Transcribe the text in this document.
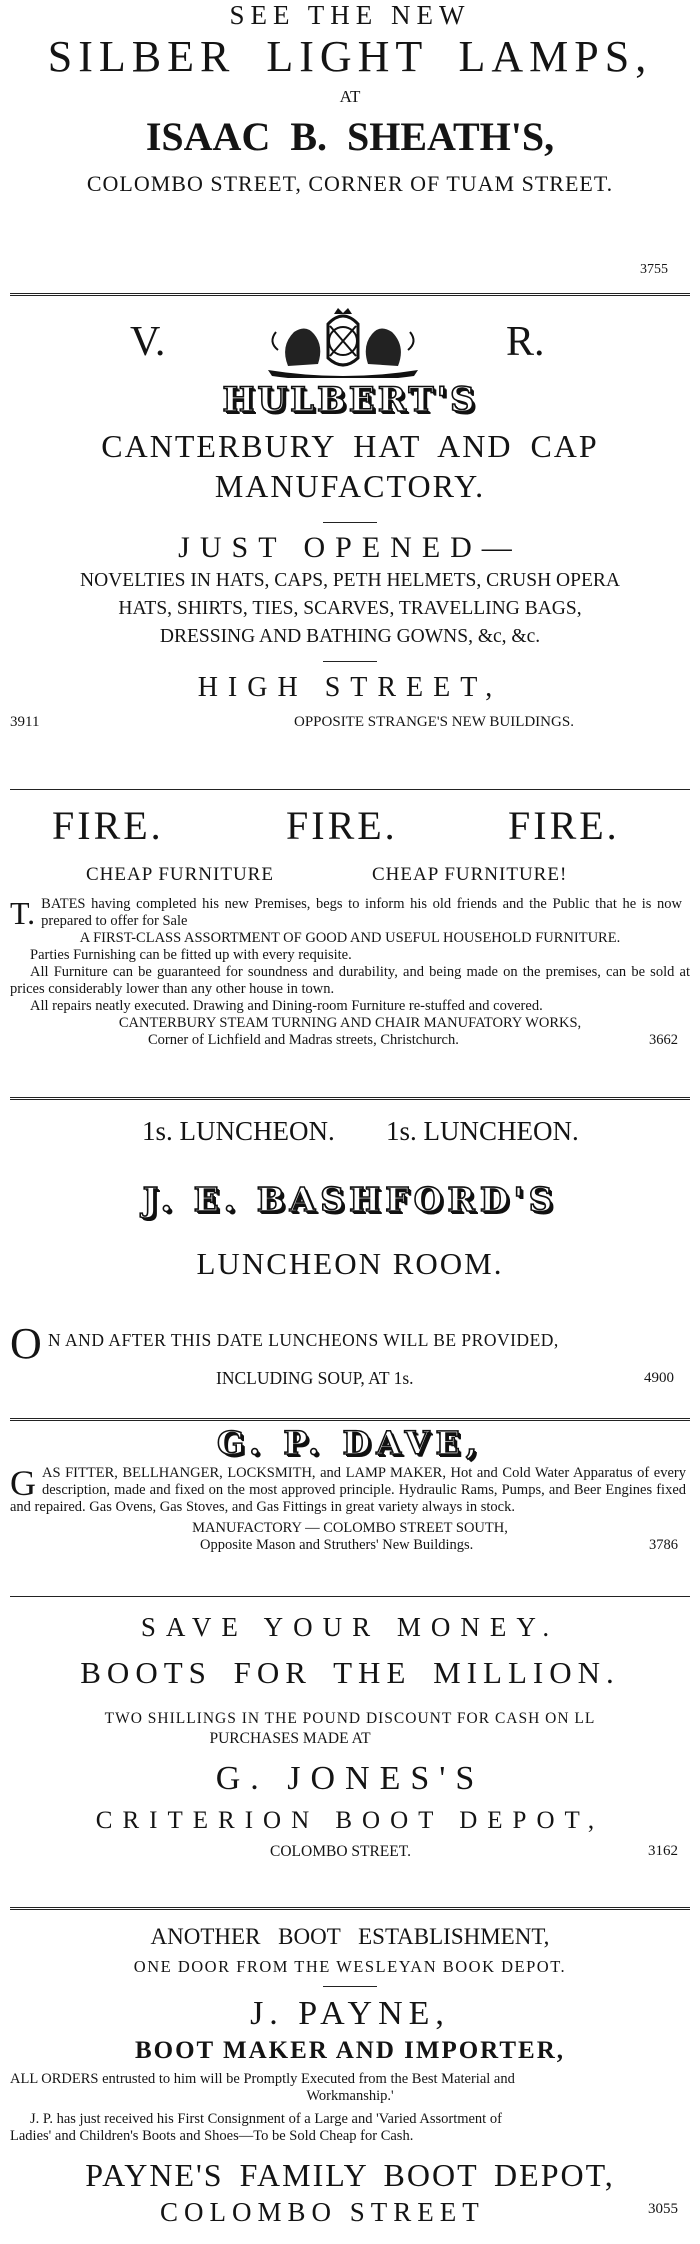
SEE THE NEW
SILBER LIGHT LAMPS,
AT
ISAAC B. SHEATH'S,
COLOMBO STREET, CORNER OF TUAM STREET.
3755
V.	R.
HULBERT'S
CANTERBURY HAT AND CAP
MANUFACTORY.
JUST OPENED—
NOVELTIES IN HATS, CAPS, PETH HELMETS, CRUSH OPERA
HATS, SHIRTS, TIES, SCARVES, TRAVELLING BAGS,
DRESSING AND BATHING GOWNS, &c, &c.
HIGH STREET,
3911	OPPOSITE STRANGE'S NEW BUILDINGS.
FIRE.	FIRE.	FIRE.
CHEAP FURNITURE	CHEAP FURNITURE!
T. BATES having completed his new Premises, begs to inform his old friends and the Public that he is now prepared to offer for Sale
A FIRST-CLASS ASSORTMENT OF GOOD AND USEFUL HOUSEHOLD FURNITURE.
Parties Furnishing can be fitted up with every requisite.
All Furniture can be guaranteed for soundness and durability, and being made on the premises, can be sold at prices considerably lower than any other house in town.
All repairs neatly executed. Drawing and Dining-room Furniture re-stuffed and covered.
CANTERBURY STEAM TURNING AND CHAIR MANUFATORY WORKS,
Corner of Lichfield and Madras streets, Christchurch.	3662
1s. LUNCHEON. 1s. LUNCHEON.
J. E. BASHFORD'S
LUNCHEON ROOM.
O N AND AFTER THIS DATE LUNCHEONS WILL BE PROVIDED,
INCLUDING SOUP, AT 1s.	4900
G. P. DAVE,
G AS FITTER, BELLHANGER, LOCKSMITH, and LAMP MAKER, Hot and Cold Water Apparatus of every description, made and fixed on the most approved principle. Hydraulic Rams, Pumps, and Beer Engines fixed and repaired. Gas Ovens, Gas Stoves, and Gas Fittings in great variety always in stock.
MANUFACTORY — COLOMBO STREET SOUTH,
Opposite Mason and Struthers' New Buildings.	3786
SAVE YOUR MONEY.
BOOTS FOR THE MILLION.
TWO SHILLINGS IN THE POUND DISCOUNT FOR CASH ON LL
PURCHASES MADE AT
G. JONES'S
CRITERION BOOT DEPOT,
COLOMBO STREET.	3162
ANOTHER BOOT ESTABLISHMENT,
ONE DOOR FROM THE WESLEYAN BOOK DEPOT.
J. PAYNE,
BOOT MAKER AND IMPORTER,
ALL ORDERS entrusted to him will be Promptly Executed from the Best Material and
Workmanship.'
J. P. has just received his First Consignment of a Large and 'Varied Assortment of
Ladies' and Children's Boots and Shoes—To be Sold Cheap for Cash.
PAYNE'S FAMILY BOOT DEPOT,
COLOMBO STREET	3055
